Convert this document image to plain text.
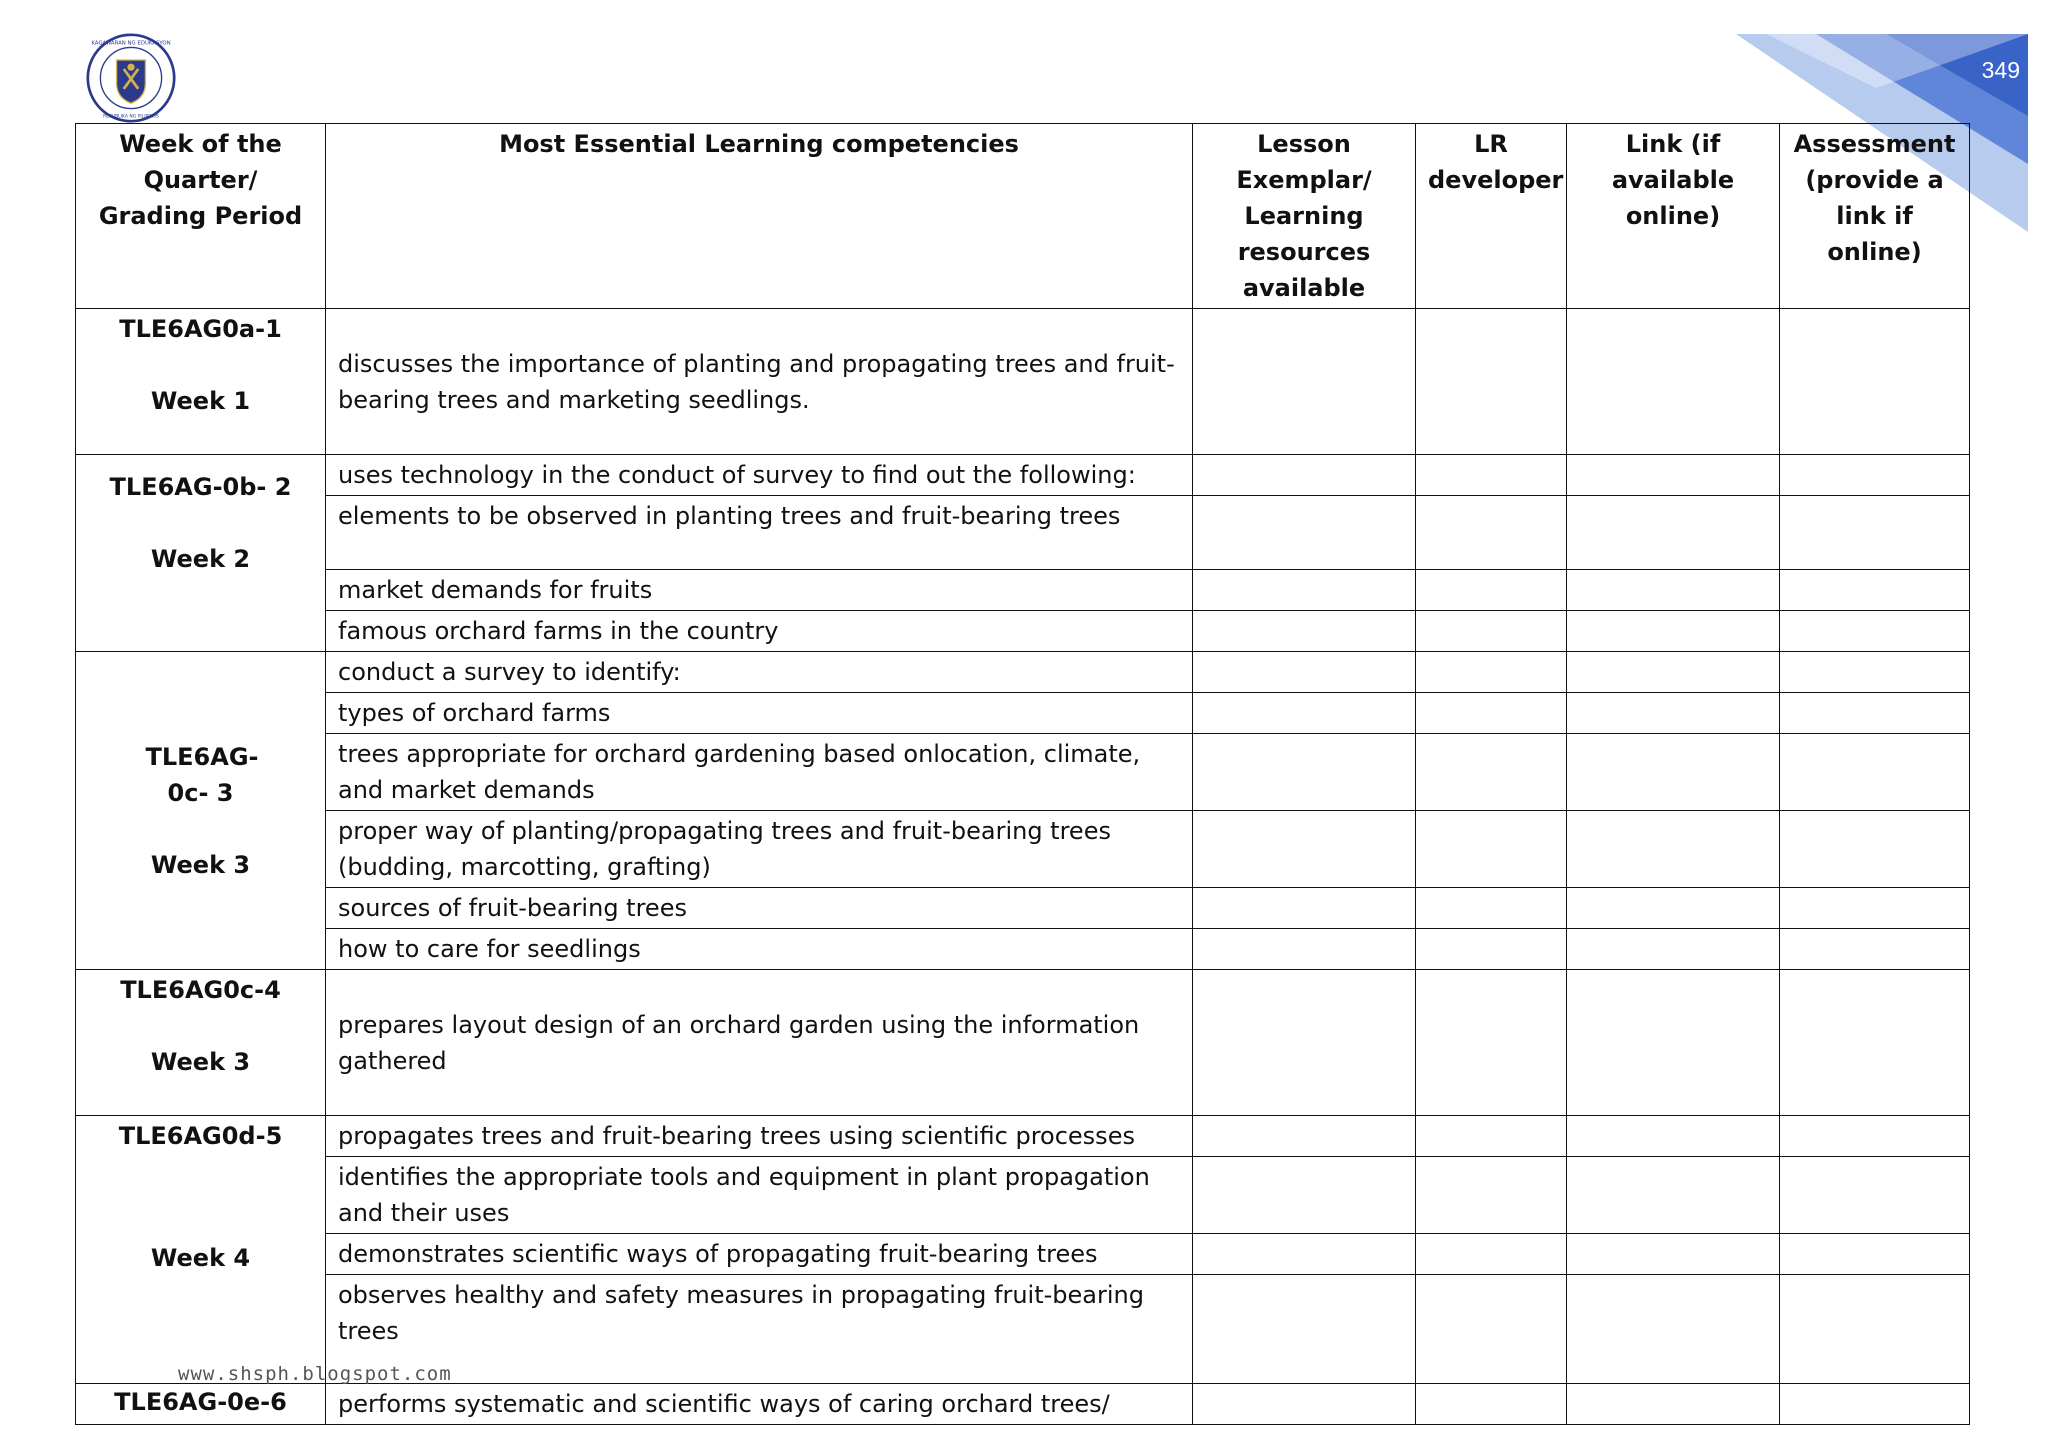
KAGAWARAN NG EDUKASYON
REPUBLIKA NG PILIPINAS
349
Week of the Quarter/ Grading Period	Most Essential Learning competencies	Lesson Exemplar/ Learning resources available	LR developer	Link (if available online)	Assessment (provide a link if online)

TLE6AG0a-1
Week 1	discusses the importance of planting and propagating trees and fruit-bearing trees and marketing seedlings.				

TLE6AG-0b- 2
Week 2	uses technology in the conduct of survey to find out the following:				
	elements to be observed in planting trees and fruit-bearing trees				
	market demands for fruits				
	famous orchard farms in the country				

TLE6AG- 0c- 3
Week 3	conduct a survey to identify:				
	types of orchard farms				
	trees appropriate for orchard gardening based onlocation, climate, and market demands				
	proper way of planting/propagating trees and fruit-bearing trees (budding, marcotting, grafting)				
	sources of fruit-bearing trees				
	how to care for seedlings				

TLE6AG0c-4
Week 3	prepares layout design of an orchard garden using the information gathered				

TLE6AG0d-5
Week 4	propagates trees and fruit-bearing trees using scientific processes				
	identifies the appropriate tools and equipment in plant propagation and their uses				
	demonstrates scientific ways of propagating fruit-bearing trees				
	observes healthy and safety measures in propagating fruit-bearing trees				

TLE6AG-0e-6	performs systematic and scientific ways of caring orchard trees/				
www.shsph.blogspot.com
